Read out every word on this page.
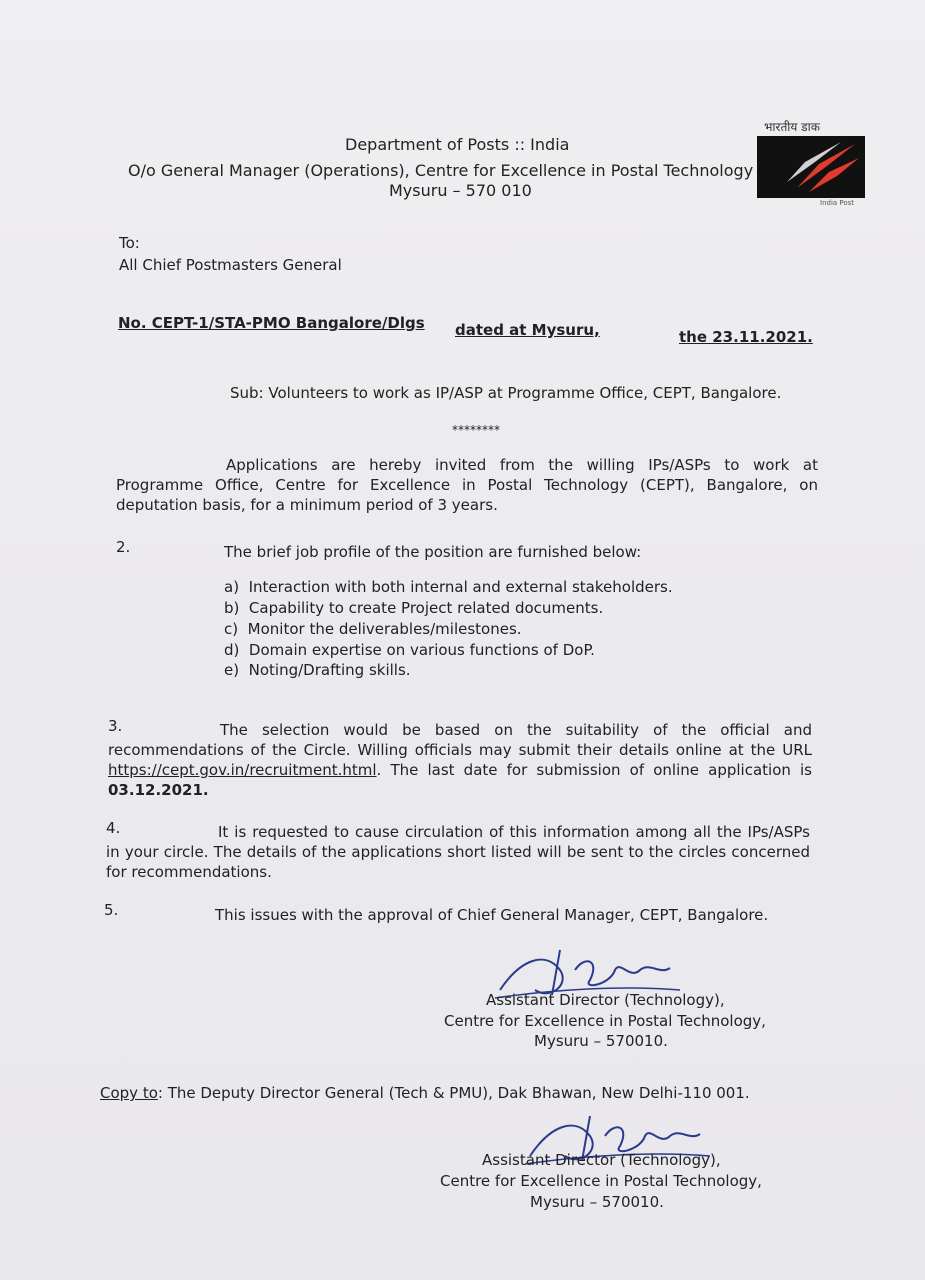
Department of Posts :: India
O/o General Manager (Operations), Centre for Excellence in Postal Technology
Mysuru – 570 010
भारतीय डाक
India Post
To:
All Chief Postmasters General
No. CEPT-1/STA-PMO Bangalore/Dlgs dated at Mysuru,	the 23.11.2021.
Sub: Volunteers to work as IP/ASP at Programme Office, CEPT, Bangalore.
********
Applications are hereby invited from the willing IPs/ASPs to work at Programme Office, Centre for Excellence in Postal Technology (CEPT), Bangalore, on deputation basis, for a minimum period of 3 years.
2.	The brief job profile of the position are furnished below:
a) Interaction with both internal and external stakeholders.
b) Capability to create Project related documents.
c) Monitor the deliverables/milestones.
d) Domain expertise on various functions of DoP.
e) Noting/Drafting skills.
3.	The selection would be based on the suitability of the official and recommendations of the Circle. Willing officials may submit their details online at the URL https://cept.gov.in/recruitment.html. The last date for submission of online application is 03.12.2021.
4.	It is requested to cause circulation of this information among all the IPs/ASPs in your circle. The details of the applications short listed will be sent to the circles concerned for recommendations.
5.	This issues with the approval of Chief General Manager, CEPT, Bangalore.
Assistant Director (Technology),
Centre for Excellence in Postal Technology,
Mysuru – 570010.
Copy to: The Deputy Director General (Tech & PMU), Dak Bhawan, New Delhi-110 001.
Assistant Director (Technology),
Centre for Excellence in Postal Technology,
Mysuru – 570010.
